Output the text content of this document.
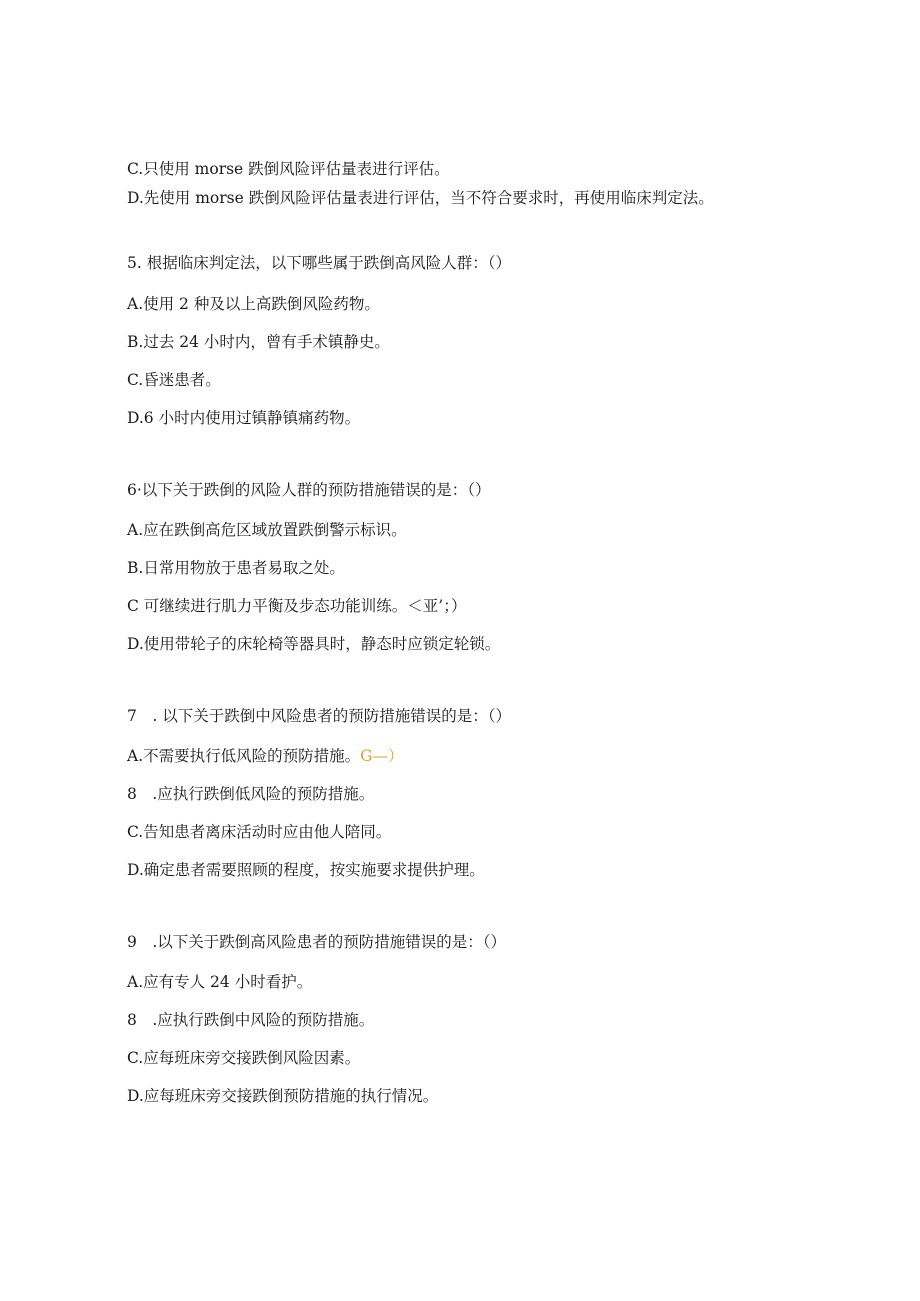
C.只使用 morse 跌倒风险评估量表进行评估。
D.先使用 morse 跌倒风险评估量表进行评估，当不符合要求时，再使用临床判定法。
5. 根据临床判定法，以下哪些属于跌倒高风险人群：（）
A.使用 2 种及以上高跌倒风险药物。
B.过去 24 小时内，曾有手术镇静史。
C.昏迷患者。
D.6 小时内使用过镇静镇痛药物。
6·以下关于跌倒的风险人群的预防措施错误的是：（）
A.应在跌倒高危区域放置跌倒警示标识。
B.日常用物放于患者易取之处。
C 可继续进行肌力平衡及步态功能训练。＜亚’；）
D.使用带轮子的床轮椅等器具时，静态时应锁定轮锁。
7　. 以下关于跌倒中风险患者的预防措施错误的是：（）
A.不需要执行低风险的预防措施。G—）
8　.应执行跌倒低风险的预防措施。
C.告知患者离床活动时应由他人陪同。
D.确定患者需要照顾的程度，按实施要求提供护理。
9　.以下关于跌倒高风险患者的预防措施错误的是：（）
A.应有专人 24 小时看护。
8　.应执行跌倒中风险的预防措施。
C.应每班床旁交接跌倒风险因素。
D.应每班床旁交接跌倒预防措施的执行情况。
